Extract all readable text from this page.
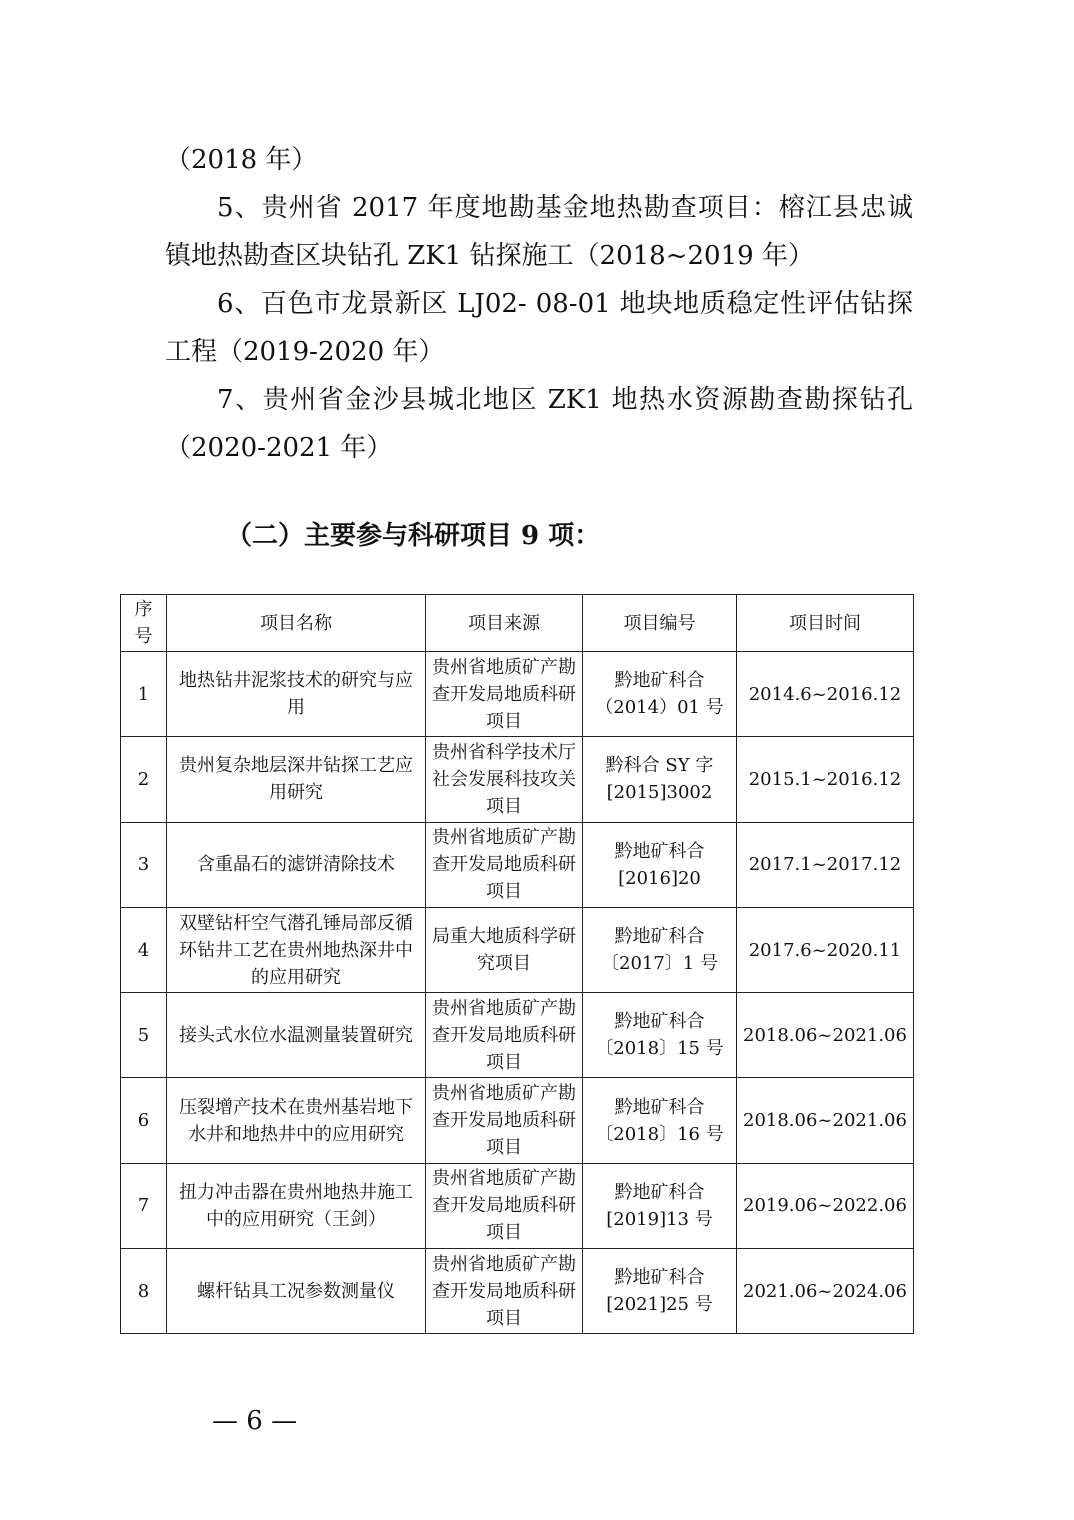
（2018 年）

5、贵州省 2017 年度地勘基金地热勘查项目：榕江县忠诚镇地热勘查区块钻孔 ZK1 钻探施工（2018~2019 年）

6、百色市龙景新区 LJ02- 08-01 地块地质稳定性评估钻探工程（2019-2020 年）

7、贵州省金沙县城北地区 ZK1 地热水资源勘查勘探钻孔（2020-2021 年）

（二）主要参与科研项目 9 项：
序号	项目名称	项目来源	项目编号	项目时间
1	地热钻井泥浆技术的研究与应用	贵州省地质矿产勘查开发局地质科研项目	黔地矿科合（2014）01 号	2014.6~2016.12
2	贵州复杂地层深井钻探工艺应用研究	贵州省科学技术厅社会发展科技攻关项目	黔科合 SY 字[2015]3002	2015.1~2016.12
3	含重晶石的滤饼清除技术	贵州省地质矿产勘查开发局地质科研项目	黔地矿科合[2016]20	2017.1~2017.12
4	双壁钻杆空气潜孔锤局部反循环钻井工艺在贵州地热深井中的应用研究	局重大地质科学研究项目	黔地矿科合〔2017〕1 号	2017.6~2020.11
5	接头式水位水温测量装置研究	贵州省地质矿产勘查开发局地质科研项目	黔地矿科合〔2018〕15 号	2018.06~2021.06
6	压裂增产技术在贵州基岩地下水井和地热井中的应用研究	贵州省地质矿产勘查开发局地质科研项目	黔地矿科合〔2018〕16 号	2018.06~2021.06
7	扭力冲击器在贵州地热井施工中的应用研究（王剑）	贵州省地质矿产勘查开发局地质科研项目	黔地矿科合[2019]13 号	2019.06~2022.06
8	螺杆钻具工况参数测量仪	贵州省地质矿产勘查开发局地质科研项目	黔地矿科合[2021]25 号	2021.06~2024.06
— 6 —
